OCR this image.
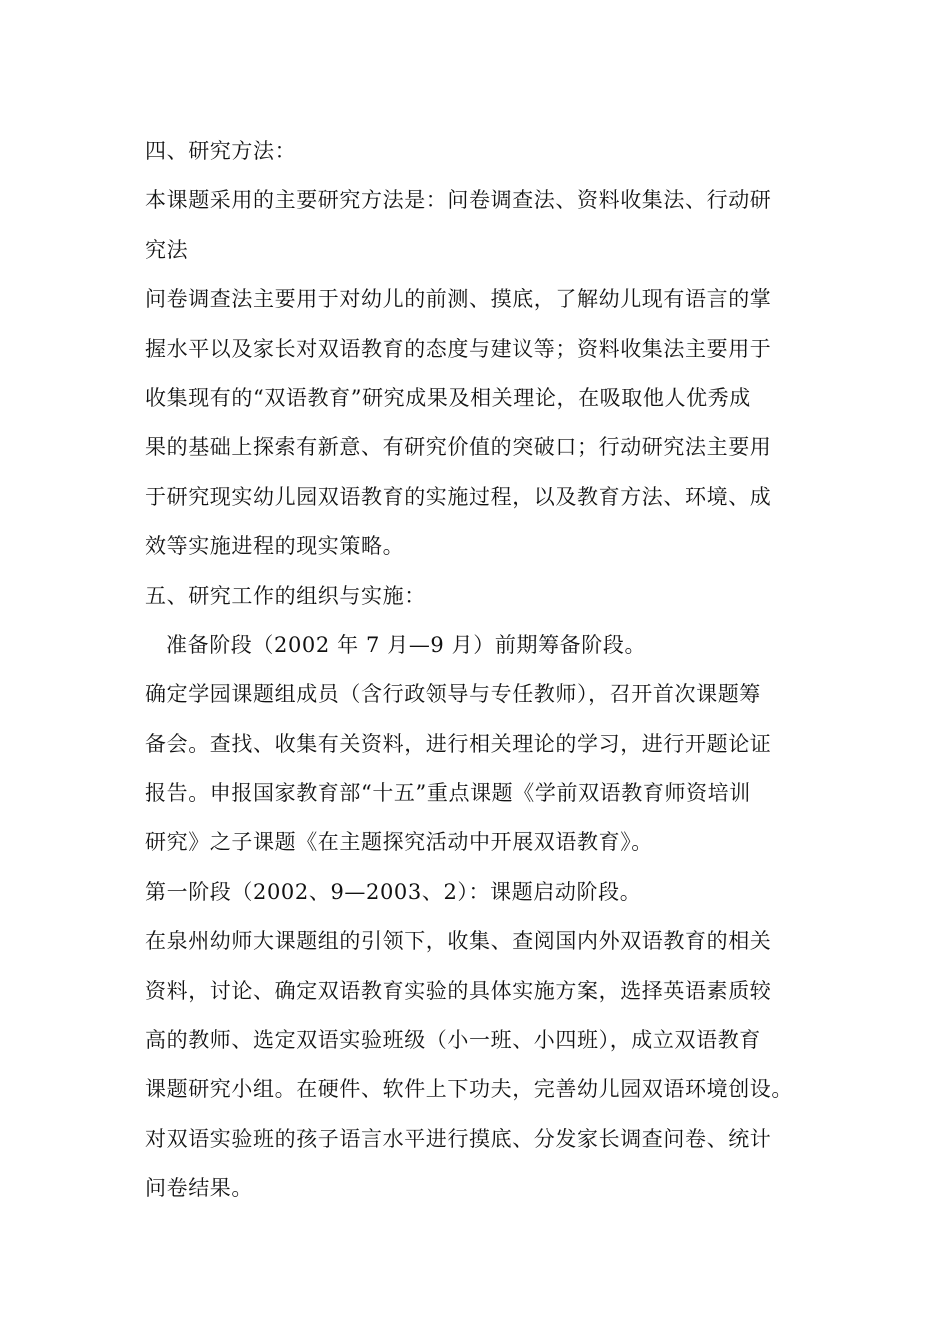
四、研究方法：
本课题采用的主要研究方法是：问卷调查法、资料收集法、行动研
究法
问卷调查法主要用于对幼儿的前测、摸底，了解幼儿现有语言的掌
握水平以及家长对双语教育的态度与建议等；资料收集法主要用于
收集现有的“双语教育”研究成果及相关理论，在吸取他人优秀成
果的基础上探索有新意、有研究价值的突破口；行动研究法主要用
于研究现实幼儿园双语教育的实施过程，以及教育方法、环境、成
效等实施进程的现实策略。
五、研究工作的组织与实施：
准备阶段（2002 年 7 月—9 月）前期筹备阶段。
确定学园课题组成员（含行政领导与专任教师），召开首次课题筹
备会。查找、收集有关资料，进行相关理论的学习，进行开题论证
报告。申报国家教育部“十五”重点课题《学前双语教育师资培训
研究》之子课题《在主题探究活动中开展双语教育》。
第一阶段（2002、9—2003、2）：课题启动阶段。
在泉州幼师大课题组的引领下，收集、查阅国内外双语教育的相关
资料，讨论、确定双语教育实验的具体实施方案，选择英语素质较
高的教师、选定双语实验班级（小一班、小四班），成立双语教育
课题研究小组。在硬件、软件上下功夫，完善幼儿园双语环境创设。
对双语实验班的孩子语言水平进行摸底、分发家长调查问卷、统计
问卷结果。
